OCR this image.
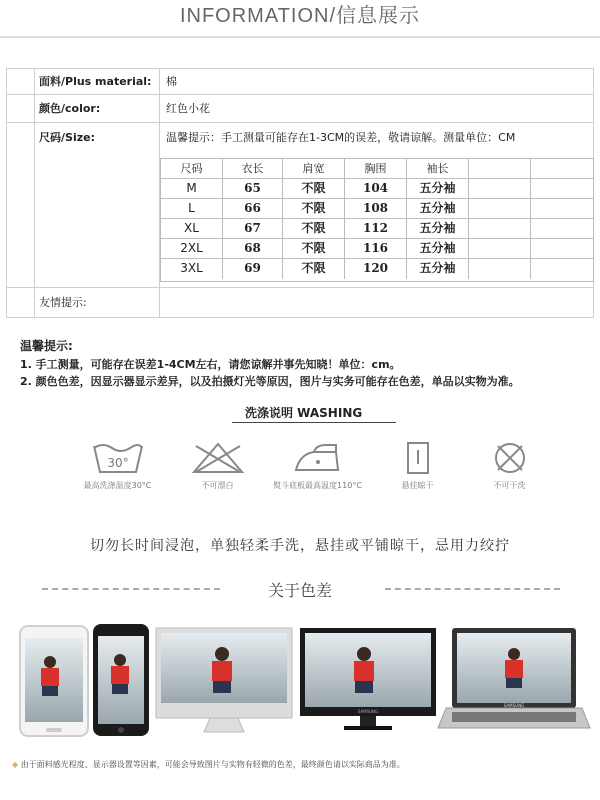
INFORMATION/信息展示
面料/Plus material:	棉
颜色/color:	红色小花
尺码/Size:	温馨提示：手工测量可能存在1-3CM的误差，敬请谅解。测量单位：CM
友情提示:
尺码	衣长	肩宽	胸围	袖长
M	65	不限	104	五分袖
L	66	不限	108	五分袖
XL	67	不限	112	五分袖
2XL	68	不限	116	五分袖
3XL	69	不限	120	五分袖
温馨提示:
1. 手工测量，可能存在误差1-4CM左右，请您谅解并事先知晓！单位：cm。
2. 颜色色差，因显示器显示差异，以及拍摄灯光等原因，图片与实务可能存在色差，单品以实物为准。
洗涤说明 WASHING
30°
最高洗涤温度30°C	不可漂白	熨斗底板最高温度110°C	悬挂晾干	不可干洗
切勿长时间浸泡，单独轻柔手洗，悬挂或平铺晾干，忌用力绞拧
关于色差
SAMSUNG
SAMSUNG
◆ 由于面料感光程度、显示器设置等因素，可能会导致图片与实物有轻微的色差，最终颜色请以实际商品为准。
